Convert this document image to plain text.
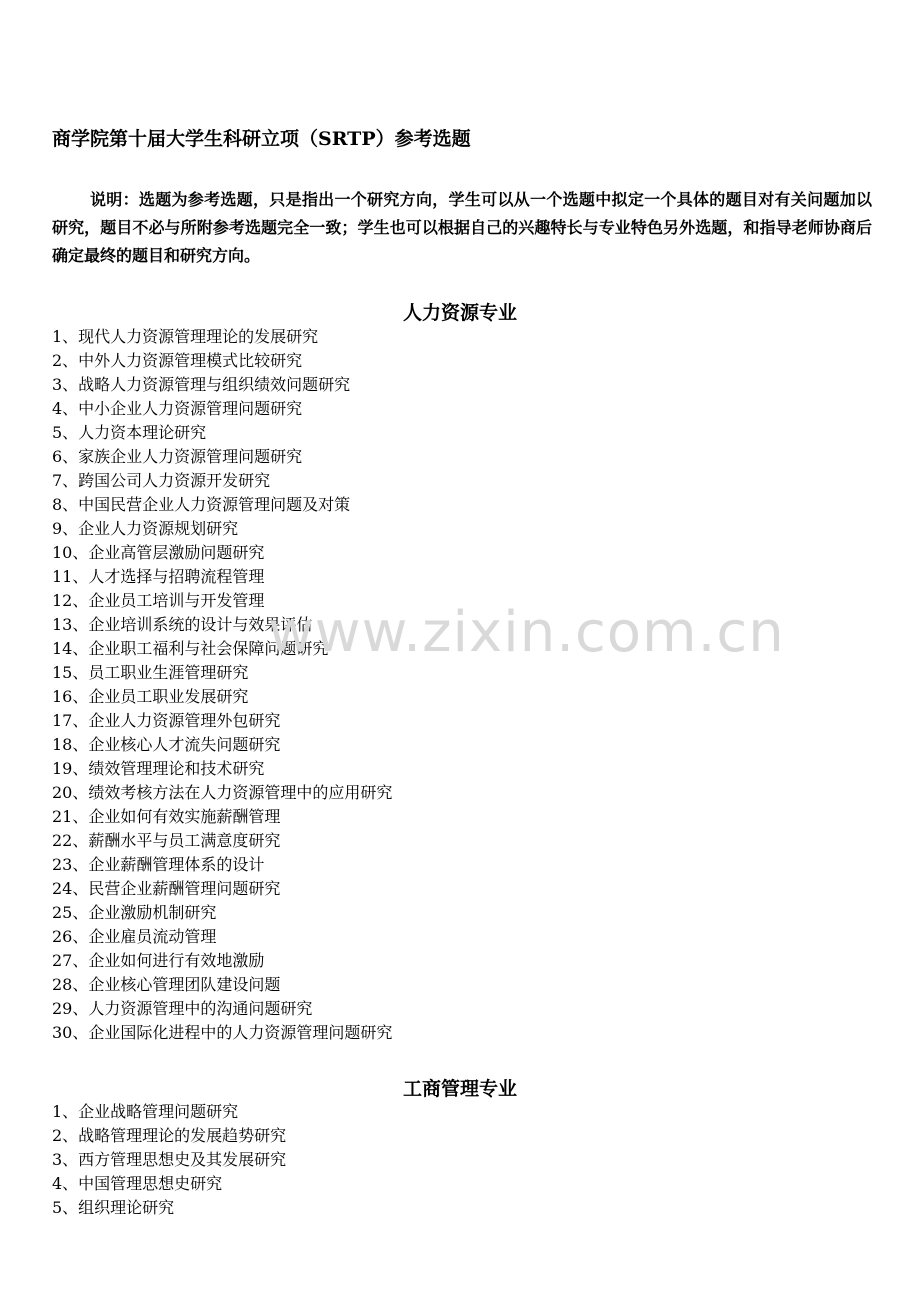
商学院第十届大学生科研立项（SRTP）参考选题

说明：选题为参考选题，只是指出一个研究方向，学生可以从一个选题中拟定一个具体的题目对有关问题加以研究，题目不必与所附参考选题完全一致；学生也可以根据自己的兴趣特长与专业特色另外选题，和指导老师协商后确定最终的题目和研究方向。

人力资源专业
1、现代人力资源管理理论的发展研究
2、中外人力资源管理模式比较研究
3、战略人力资源管理与组织绩效问题研究
4、中小企业人力资源管理问题研究
5、人力资本理论研究
6、家族企业人力资源管理问题研究
7、跨国公司人力资源开发研究
8、中国民营企业人力资源管理问题及对策
9、企业人力资源规划研究
10、企业高管层激励问题研究
11、人才选择与招聘流程管理
12、企业员工培训与开发管理
13、企业培训系统的设计与效果评估
14、企业职工福利与社会保障问题研究
15、员工职业生涯管理研究
16、企业员工职业发展研究
17、企业人力资源管理外包研究
18、企业核心人才流失问题研究
19、绩效管理理论和技术研究
20、绩效考核方法在人力资源管理中的应用研究
21、企业如何有效实施薪酬管理
22、薪酬水平与员工满意度研究
23、企业薪酬管理体系的设计
24、民营企业薪酬管理问题研究
25、企业激励机制研究
26、企业雇员流动管理
27、企业如何进行有效地激励
28、企业核心管理团队建设问题
29、人力资源管理中的沟通问题研究
30、企业国际化进程中的人力资源管理问题研究
工商管理专业
1、企业战略管理问题研究
2、战略管理理论的发展趋势研究
3、西方管理思想史及其发展研究
4、中国管理思想史研究
5、组织理论研究
www.zixin.com.cn
